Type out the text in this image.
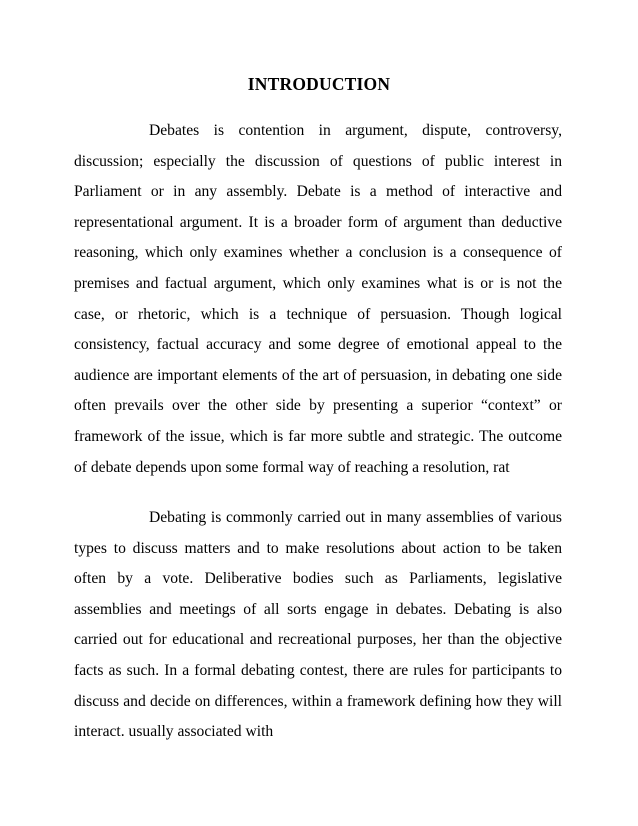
INTRODUCTION

Debates is contention in argument, dispute, controversy, discussion; especially the discussion of questions of public interest in Parliament or in any assembly. Debate is a method of interactive and representational argument. It is a broader form of argument than deductive reasoning, which only examines whether a conclusion is a consequence of premises and factual argument, which only examines what is or is not the case, or rhetoric, which is a technique of persuasion. Though logical consistency, factual accuracy and some degree of emotional appeal to the audience are important elements of the art of persuasion, in debating one side often prevails over the other side by presenting a superior “context” or framework of the issue, which is far more subtle and strategic. The outcome of debate depends upon some formal way of reaching a resolution, rat

Debating is commonly carried out in many assemblies of various types to discuss matters and to make resolutions about action to be taken often by a vote. Deliberative bodies such as Parliaments, legislative assemblies and meetings of all sorts engage in debates. Debating is also carried out for educational and recreational purposes, her than the objective facts as such. In a formal debating contest, there are rules for participants to discuss and decide on differences, within a framework defining how they will interact. usually associated with
